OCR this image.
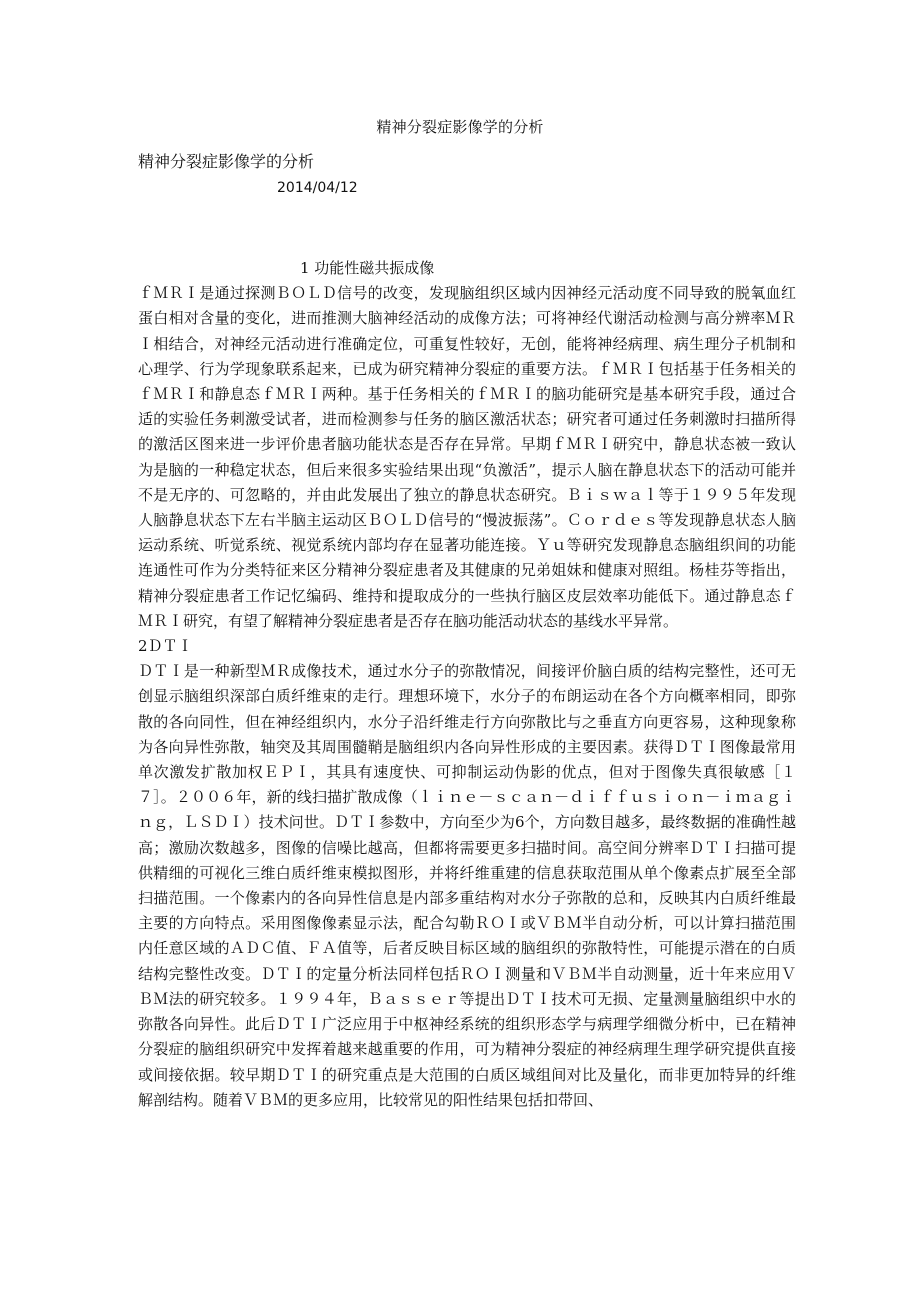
精神分裂症影像学的分析
精神分裂症影像学的分析
2014/04/12
1 功能性磁共振成像

ｆＭＲＩ是通过探测ＢＯＬＤ信号的改变，发现脑组织区域内因神经元活动度不同导致的脱氧血红蛋白相对含量的变化，进而推测大脑神经活动的成像方法；可将神经代谢活动检测与高分辨率ＭＲＩ相结合，对神经元活动进行准确定位，可重复性较好，无创，能将神经病理、病生理分子机制和心理学、行为学现象联系起来，已成为研究精神分裂症的重要方法。ｆＭＲＩ包括基于任务相关的ｆＭＲＩ和静息态ｆＭＲＩ两种。基于任务相关的ｆＭＲＩ的脑功能研究是基本研究手段，通过合适的实验任务刺激受试者，进而检测参与任务的脑区激活状态；研究者可通过任务刺激时扫描所得的激活区图来进一步评价患者脑功能状态是否存在异常。早期ｆＭＲＩ研究中，静息状态被一致认为是脑的一种稳定状态，但后来很多实验结果出现“负激活”，提示人脑在静息状态下的活动可能并不是无序的、可忽略的，并由此发展出了独立的静息状态研究。Ｂｉｓｗａｌ等于１９９５年发现人脑静息状态下左右半脑主运动区ＢＯＬＤ信号的“慢波振荡”。Ｃｏｒｄｅｓ等发现静息状态人脑运动系统、听觉系统、视觉系统内部均存在显著功能连接。Ｙｕ等研究发现静息态脑组织间的功能连通性可作为分类特征来区分精神分裂症患者及其健康的兄弟姐妹和健康对照组。杨桂芬等指出，精神分裂症患者工作记忆编码、维持和提取成分的一些执行脑区皮层效率功能低下。通过静息态ｆＭＲＩ研究，有望了解精神分裂症患者是否存在脑功能活动状态的基线水平异常。

2ＤＴＩ

ＤＴＩ是一种新型ＭＲ成像技术，通过水分子的弥散情况，间接评价脑白质的结构完整性，还可无创显示脑组织深部白质纤维束的走行。理想环境下，水分子的布朗运动在各个方向概率相同，即弥散的各向同性，但在神经组织内，水分子沿纤维走行方向弥散比与之垂直方向更容易，这种现象称为各向异性弥散，轴突及其周围髓鞘是脑组织内各向异性形成的主要因素。获得ＤＴＩ图像最常用单次激发扩散加权ＥＰＩ，其具有速度快、可抑制运动伪影的优点，但对于图像失真很敏感［１７］。２００６年，新的线扫描扩散成像（ｌｉｎｅ－ｓｃａｎ－ｄｉｆｆｕｓｉｏｎ－ｉｍａｇｉｎｇ，ＬＳＤＩ）技术问世。ＤＴＩ参数中，方向至少为6个，方向数目越多，最终数据的准确性越高；激励次数越多，图像的信噪比越高，但都将需要更多扫描时间。高空间分辨率ＤＴＩ扫描可提供精细的可视化三维白质纤维束模拟图形，并将纤维重建的信息获取范围从单个像素点扩展至全部扫描范围。一个像素内的各向异性信息是内部多重结构对水分子弥散的总和，反映其内白质纤维最主要的方向特点。采用图像像素显示法，配合勾勒ＲＯＩ或ＶＢＭ半自动分析，可以计算扫描范围内任意区域的ＡＤＣ值、ＦＡ值等，后者反映目标区域的脑组织的弥散特性，可能提示潜在的白质结构完整性改变。ＤＴＩ的定量分析法同样包括ＲＯＩ测量和ＶＢＭ半自动测量，近十年来应用ＶＢＭ法的研究较多。１９９４年，Ｂａｓｓｅｒ等提出ＤＴＩ技术可无损、定量测量脑组织中水的弥散各向异性。此后ＤＴＩ广泛应用于中枢神经系统的组织形态学与病理学细微分析中，已在精神分裂症的脑组织研究中发挥着越来越重要的作用，可为精神分裂症的神经病理生理学研究提供直接或间接依据。较早期ＤＴＩ的研究重点是大范围的白质区域组间对比及量化，而非更加特异的纤维解剖结构。随着ＶＢＭ的更多应用，比较常见的阳性结果包括扣带回、
